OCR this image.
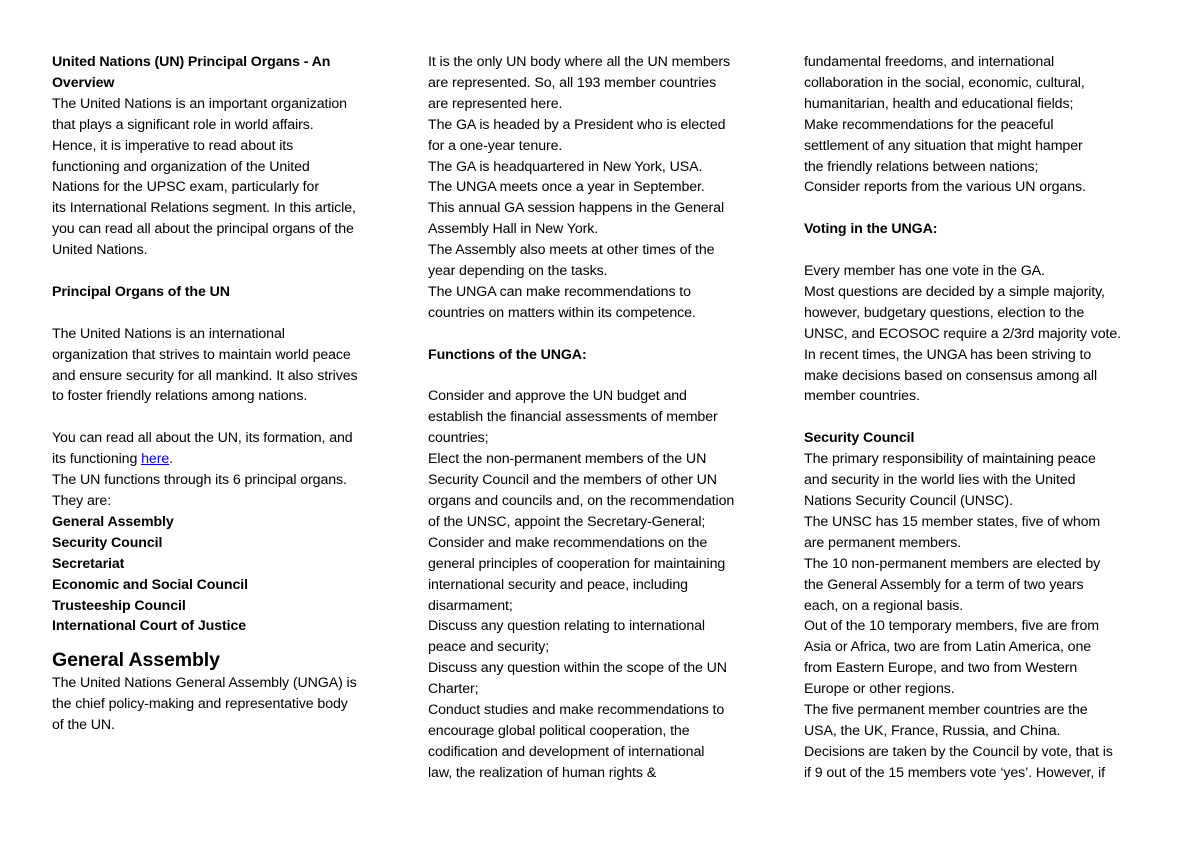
United Nations (UN) Principal Organs - An
Overview
The United Nations is an important organization
that plays a significant role in world affairs.
Hence, it is imperative to read about its
functioning and organization of the United
Nations for the UPSC exam, particularly for
its International Relations segment. In this article,
you can read all about the principal organs of the
United Nations.
Principal Organs of the UN
The United Nations is an international
organization that strives to maintain world peace
and ensure security for all mankind. It also strives
to foster friendly relations among nations.
You can read all about the UN, its formation, and
its functioning here.
The UN functions through its 6 principal organs.
They are:
General Assembly
Security Council
Secretariat
Economic and Social Council
Trusteeship Council
International Court of Justice
General Assembly
The United Nations General Assembly (UNGA) is
the chief policy-making and representative body
of the UN.
It is the only UN body where all the UN members
are represented. So, all 193 member countries
are represented here.
The GA is headed by a President who is elected
for a one-year tenure.
The GA is headquartered in New York, USA.
The UNGA meets once a year in September.
This annual GA session happens in the General
Assembly Hall in New York.
The Assembly also meets at other times of the
year depending on the tasks.
The UNGA can make recommendations to
countries on matters within its competence.
Functions of the UNGA:
Consider and approve the UN budget and
establish the financial assessments of member
countries;
Elect the non-permanent members of the UN
Security Council and the members of other UN
organs and councils and, on the recommendation
of the UNSC, appoint the Secretary-General;
Consider and make recommendations on the
general principles of cooperation for maintaining
international security and peace, including
disarmament;
Discuss any question relating to international
peace and security;
Discuss any question within the scope of the UN
Charter;
Conduct studies and make recommendations to
encourage global political cooperation, the
codification and development of international
law, the realization of human rights &
fundamental freedoms, and international
collaboration in the social, economic, cultural,
humanitarian, health and educational fields;
Make recommendations for the peaceful
settlement of any situation that might hamper
the friendly relations between nations;
Consider reports from the various UN organs.
Voting in the UNGA:
Every member has one vote in the GA.
Most questions are decided by a simple majority,
however, budgetary questions, election to the
UNSC, and ECOSOC require a 2/3rd majority vote.
In recent times, the UNGA has been striving to
make decisions based on consensus among all
member countries.
Security Council
The primary responsibility of maintaining peace
and security in the world lies with the United
Nations Security Council (UNSC).
The UNSC has 15 member states, five of whom
are permanent members.
The 10 non-permanent members are elected by
the General Assembly for a term of two years
each, on a regional basis.
Out of the 10 temporary members, five are from
Asia or Africa, two are from Latin America, one
from Eastern Europe, and two from Western
Europe or other regions.
The five permanent member countries are the
USA, the UK, France, Russia, and China.
Decisions are taken by the Council by vote, that is
if 9 out of the 15 members vote ‘yes’. However, if
